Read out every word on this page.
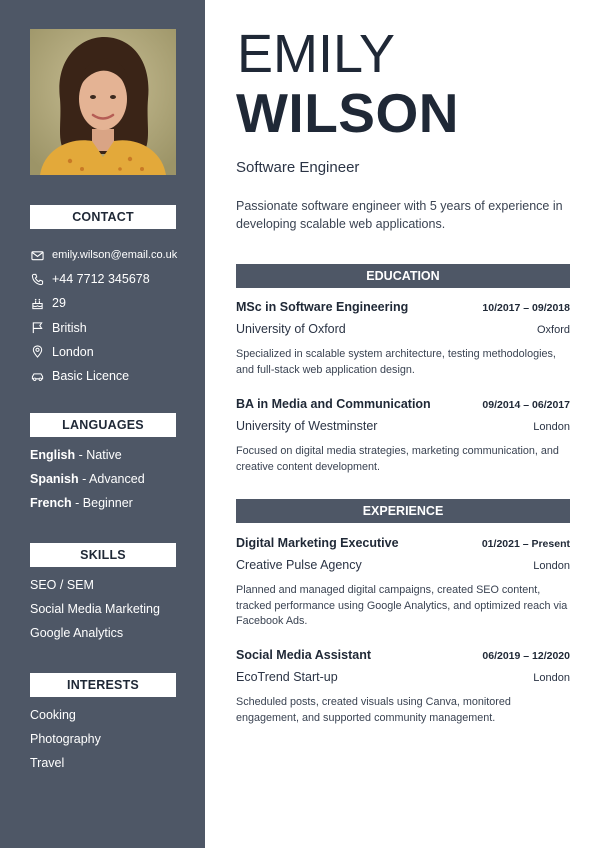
CONTACT
emily.wilson@email.co.uk
+44 7712 345678
29
British
London
Basic Licence
LANGUAGES
English - Native
Spanish - Advanced
French - Beginner
SKILLS
SEO / SEM
Social Media Marketing
Google Analytics
INTERESTS
Cooking
Photography
Travel
EMILY
WILSON
Software Engineer
Passionate software engineer with 5 years of experience in developing scalable web applications.
EDUCATION
MSc in Software Engineering	10/2017 – 09/2018
University of Oxford	Oxford
Specialized in scalable system architecture, testing methodologies, and full-stack web application design.
BA in Media and Communication	09/2014 – 06/2017
University of Westminster	London
Focused on digital media strategies, marketing communication, and creative content development.
EXPERIENCE
Digital Marketing Executive	01/2021 – Present
Creative Pulse Agency	London
Planned and managed digital campaigns, created SEO content, tracked performance using Google Analytics, and optimized reach via Facebook Ads.
Social Media Assistant	06/2019 – 12/2020
EcoTrend Start-up	London
Scheduled posts, created visuals using Canva, monitored engagement, and supported community management.
